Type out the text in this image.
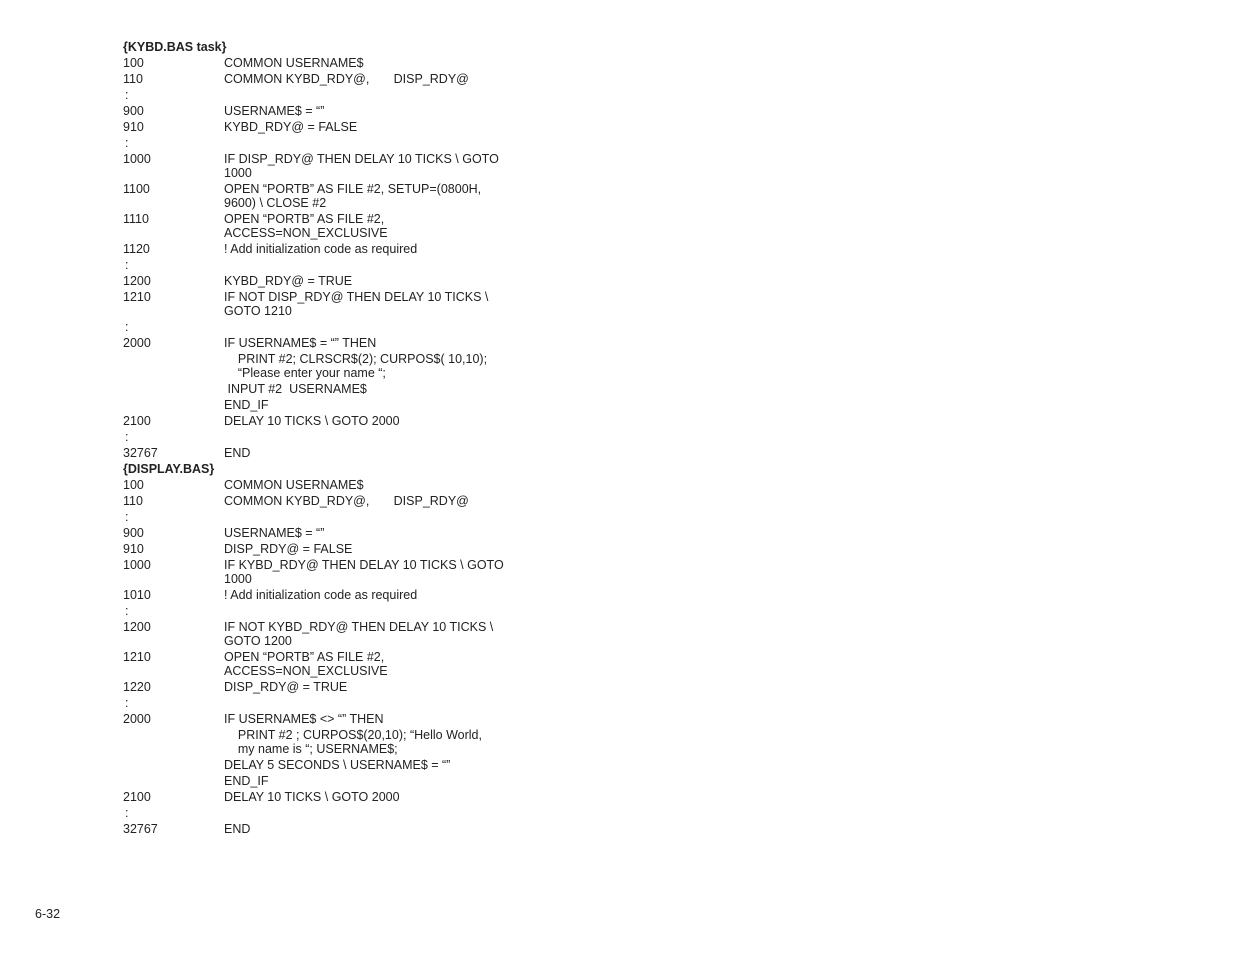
{KYBD.BAS task}
100	COMMON USERNAME$
110	COMMON KYBD_RDY@,       DISP_RDY@
:
900	USERNAME$ = “”
910	KYBD_RDY@ = FALSE
:
1000	IF DISP_RDY@ THEN DELAY 10 TICKS \ GOTO
1000
1100	OPEN “PORTB” AS FILE #2, SETUP=(0800H,
9600) \ CLOSE #2
1110	OPEN “PORTB” AS FILE #2,
ACCESS=NON_EXCLUSIVE
1120	! Add initialization code as required
:
1200	KYBD_RDY@ = TRUE
1210	IF NOT DISP_RDY@ THEN DELAY 10 TICKS \
GOTO 1210
:
2000	IF USERNAME$ = “” THEN
PRINT #2; CLRSCR$(2); CURPOS$( 10,10);
“Please enter your name “;
INPUT #2  USERNAME$
END_IF
2100	DELAY 10 TICKS \ GOTO 2000
:
32767	END
{DISPLAY.BAS}
100	COMMON USERNAME$
110	COMMON KYBD_RDY@,       DISP_RDY@
:
900	USERNAME$ = “”
910	DISP_RDY@ = FALSE
1000	IF KYBD_RDY@ THEN DELAY 10 TICKS \ GOTO
1000
1010	! Add initialization code as required
:
1200	IF NOT KYBD_RDY@ THEN DELAY 10 TICKS \
GOTO 1200
1210	OPEN “PORTB” AS FILE #2,
ACCESS=NON_EXCLUSIVE
1220	DISP_RDY@ = TRUE
:
2000	IF USERNAME$ <> “” THEN
PRINT #2 ; CURPOS$(20,10); “Hello World,
my name is “; USERNAME$;
DELAY 5 SECONDS \ USERNAME$ = “”
END_IF
2100	DELAY 10 TICKS \ GOTO 2000
:
32767	END
6-32
